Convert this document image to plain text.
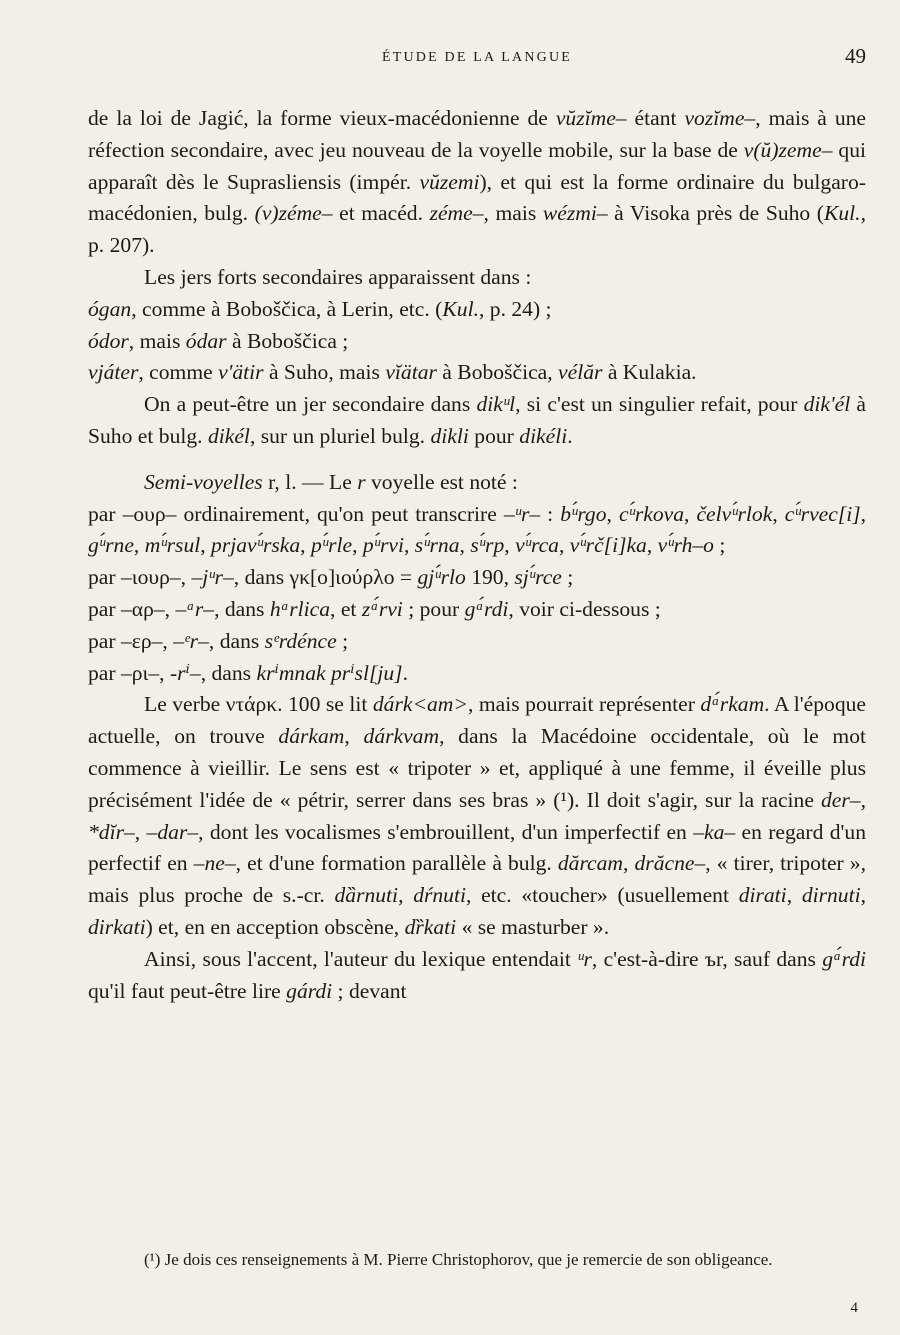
ÉTUDE DE LA LANGUE	49

de la loi de Jagić, la forme vieux-macédonienne de vŭzĭme– étant vozĭme–, mais à une réfection secondaire, avec jeu nouveau de la voyelle mobile, sur la base de v(ŭ)zeme– qui apparaît dès le Suprasliensis (impér. vŭzemi), et qui est la forme ordinaire du bulgaro-macédonien, bulg. (v)zéme– et macéd. zéme–, mais wézmi– à Visoka près de Suho (Kul., p. 207).

Les jers forts secondaires apparaissent dans :
ógan, comme à Boboščica, à Lerin, etc. (Kul., p. 24) ;
ódor, mais ódar à Boboščica ;
vjáter, comme v'ätir à Suho, mais vĭätar à Boboščica, vélăr à Kulakia.

On a peut-être un jer secondaire dans dikᵘl, si c'est un singulier refait, pour dik'él à Suho et bulg. dikél, sur un pluriel bulg. dikli pour dikéli.

Semi-voyelles r, l. — Le r voyelle est noté :
par –ουρ– ordinairement, qu'on peut transcrire –ᵘr– : bᵘ́rgo, cᵘ́rkova, čelvᵘ́rlok, cᵘ́rvec[i], gᵘ́rne, mᵘ́rsul, prjavᵘ́rska, pᵘ́rle, pᵘ́rvi, sᵘ́rna, sᵘ́rp, vᵘ́rca, vᵘ́rč[i]ka, vᵘ́rh–o ;
par –ιουρ–, –jᵘr–, dans γκ[ο]ιούρλο = gjᵘ́rlo 190, sjᵘ́rce ;
par –αρ–, –ᵃr–, dans hᵃrlica, et zᵃ́rvi ; pour gᵃ́rdi, voir ci-dessous ;
par –ερ–, –ᵉr–, dans sᵉrdénce ;
par –ρι–, -rⁱ–, dans krⁱmnak prⁱsl[ju].

Le verbe ντάρκ. 100 se lit dárk<am>, mais pourrait représenter dᵃ́rkam. A l'époque actuelle, on trouve dárkam, dárkvam, dans la Macédoine occidentale, où le mot commence à vieillir. Le sens est « tripoter » et, appliqué à une femme, il éveille plus précisément l'idée de « pétrir, serrer dans ses bras » (¹). Il doit s'agir, sur la racine der–, *dĭr–, –dar–, dont les vocalismes s'embrouillent, d'un imperfectif en –ka– en regard d'un perfectif en –ne–, et d'une formation parallèle à bulg. dărcam, drăcne–, « tirer, tripoter », mais plus proche de s.-cr. dȁrnuti, dŕnuti, etc. «toucher» (usuellement dirati, dirnuti, dirkati) et, en en acception obscène, dȑkati « se masturber ».

Ainsi, sous l'accent, l'auteur du lexique entendait ᵘr, c'est-à-dire ъr, sauf dans gᵃ́rdi qu'il faut peut-être lire gárdi ; devant

(¹) Je dois ces renseignements à M. Pierre Christophorov, que je remercie de son obligeance.

4
